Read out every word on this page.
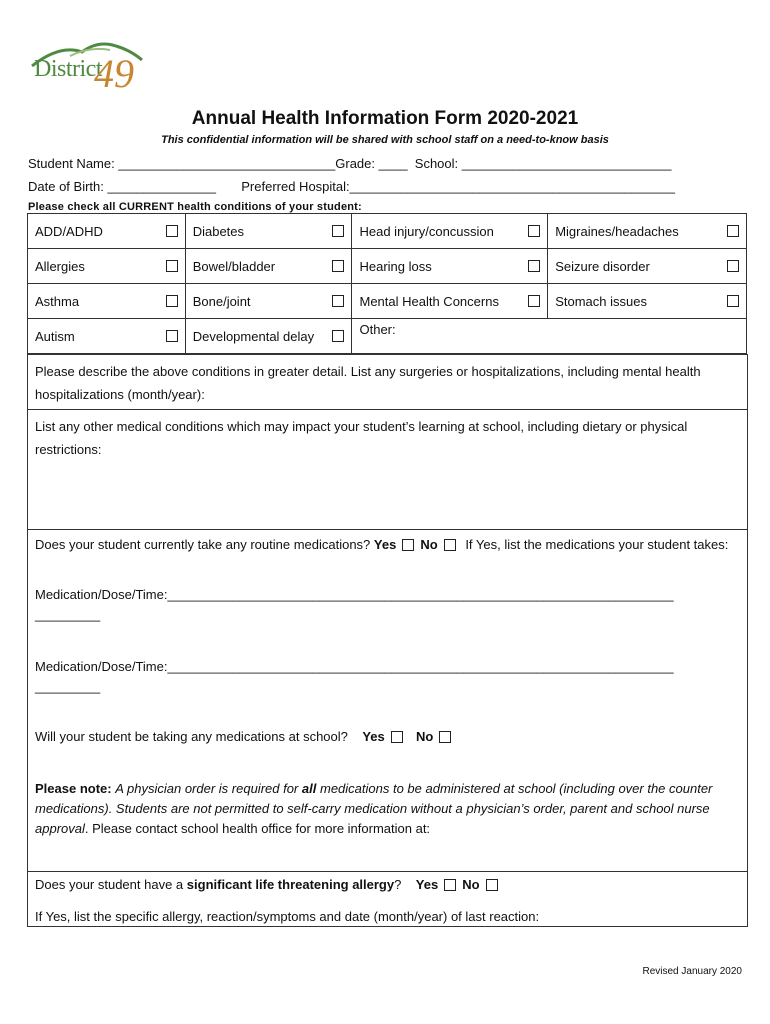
District
49
Annual Health Information Form 2020-2021
This confidential information will be shared with school staff on a need-to-know basis
Student Name: ______________________________Grade: ____ School: _____________________________
Date of Birth: _______________ Preferred Hospital:_____________________________________________
Please check all CURRENT health conditions of your student:
ADD/ADHD	Diabetes	Head injury/concussion	Migraines/headaches

Allergies	Bowel/bladder	Hearing loss	Seizure disorder

Asthma	Bone/joint	Mental Health Concerns	Stomach issues

Autism	Developmental delay	Other:	

Please describe the above conditions in greater detail. List any surgeries or hospitalizations, including mental health hospitalizations (month/year):

List any other medical conditions which may impact your student’s learning at school, including dietary or physical restrictions:

Does your student currently take any routine medications? Yes No If Yes, list the medications your student takes:

Medication/Dose/Time:______________________________________________________________________
_________

Medication/Dose/Time:______________________________________________________________________
_________

Will your student be taking any medications at school? Yes No

Please note: A physician order is required for all medications to be administered at school (including over the counter medications). Students are not permitted to self-carry medication without a physician’s order, parent and school nurse approval. Please contact school health office for more information at:

Does your student have a significant life threatening allergy? Yes No

If Yes, list the specific allergy, reaction/symptoms and date (month/year) of last reaction:

Revised January 2020
